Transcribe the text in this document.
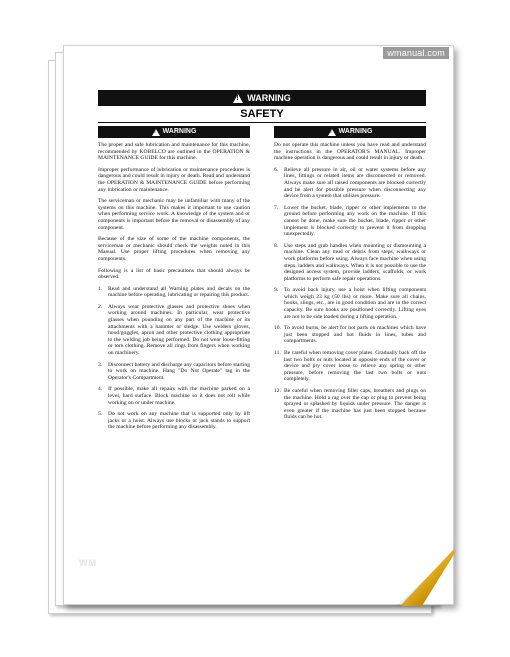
wmanual.com
!
WARNING
SAFETY
!
WARNING

The proper and safe lubrication and maintenance for this machine, recommended by KOBELCO are outlined in the OPERATION & MAINTENANCE GUIDE for this machine.

Improper performance of lubrication or maintenance procedures is dangerous and could result in injury or death. Read and understand the OPERATION & MAINTENANCE GUIDE before performing any lubrication or maintenance.

The serviceman or mechanic may be unfamiliar with many of the systems on this machine. This makes it important to use caution when performing service work. A knowledge of the system and or components is important before the removal or disassembly of any component.

Because of the size of some of the machine components, the serviceman or mechanic should check the weights noted in this Manual. Use proper lifting procedures when removing any components.

Following is a list of basic precautions that should always be observed.

1.	Read and understand all Warning plates and decals on the machine before operating, lubricating or repairing this product.
2.	Always wear protective glasses and protective shoes when working around machines. In particular, wear protective glasses when pounding on any part of the machine or its attachments with a hammer or sledge. Use welders gloves, hood/goggles, apron and other protective clothing appropriate to the welding job being performed. Do not wear loose-fitting or torn clothing. Remove all rings from fingers when working on machinery.
3.	Disconnect battery and discharge any capacitors before starting to work on machine. Hang "Do Not Operate" tag in the Operator's Compartment.
4.	If possible, make all repairs with the machine parked on a level, hard surface. Block machine so it does not roll while working on or under machine.
5.	Do not work on any machine that is supported only by lift jacks or a hoist. Always use blocks or jack stands to support the machine before performing any disassembly.
!
WARNING

Do not operate this machine unless you have read and understand the instructions in the OPERATOR'S MANUAL. Improper machine operation is dangerous and could result in injury or death.

6.	Relieve all pressure in air, oil or water systems before any lines, fittings or related items are disconnected or removed. Always make sure all raised components are blocked correctly and be alert for possible pressure when disconnecting any device from a system that utilizes pressure.
7.	Lower the bucket, blade, ripper or other implements to the ground before performing any work on the machine. If this cannot be done, make sure the bucket, blade, ripper or other implement is blocked correctly to prevent it from dropping unexpectedly.
8.	Use steps and grab handles when mounting or dismounting a machine. Clean any mud or debris from steps, walkways or work platforms before using. Always face machine when using steps, ladders and walkways. When it is not possible to use the designed access system, provide ladders, scaffolds, or work platforms to perform safe repair operations.
9.	To avoid back injury, use a hoist when lifting components which weigh 23 kg (50 lbs) or more. Make sure all chains, hooks, slings, etc., are in good condition and are in the correct capacity. Be sure hooks are positioned correctly. Lifting eyes are not to be side loaded during a lifting operation.
10. To avoid burns, be alert for hot parts on machines which have just been stopped and hot fluids in lines, tubes and compartments.
11. Be careful when removing cover plates. Gradually back off the last two bolts or nuts located at opposite ends of the cover or device and pry cover loose to relieve any spring or other pressure, before removing the last two bolts or nuts completely.
12. Be careful when removing filler caps, breathers and plugs on the machine. Hold a rag over the cap or plug to prevent being sprayed or splashed by liquids under pressure. The danger is even greater if the machine has just been stopped because fluids can be hot.
WM
